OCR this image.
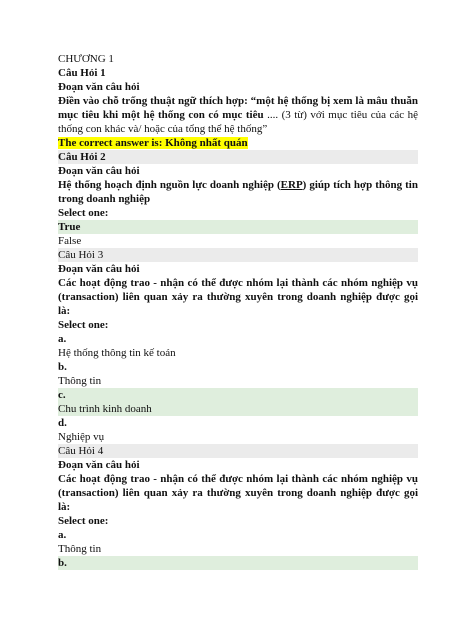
CHƯƠNG 1
Câu Hỏi 1
Đoạn văn câu hỏi
Điền vào chỗ trống thuật ngữ thích hợp: “một hệ thống bị xem là mâu thuẫn mục tiêu khi một hệ thống con có mục tiêu .... (3 từ) với mục tiêu của các hệ thống con khác và/ hoặc của tổng thể hệ thống”
The correct answer is: Không nhất quán
Câu Hỏi 2
Đoạn văn câu hỏi
Hệ thống hoạch định nguồn lực doanh nghiệp (ERP) giúp tích hợp thông tin trong doanh nghiệp
Select one:
True
False
Câu Hỏi 3
Đoạn văn câu hỏi
Các hoạt động trao - nhận có thể được nhóm lại thành các nhóm nghiệp vụ (transaction) liên quan xảy ra thường xuyên trong doanh nghiệp được gọi là:
Select one:
a.
Hệ thống thông tin kế toán
b.
Thông tin
c.
Chu trình kinh doanh
d.
Nghiệp vụ
Câu Hỏi 4
Đoạn văn câu hỏi
Các hoạt động trao - nhận có thể được nhóm lại thành các nhóm nghiệp vụ (transaction) liên quan xảy ra thường xuyên trong doanh nghiệp được gọi là:
Select one:
a.
Thông tin
b.
